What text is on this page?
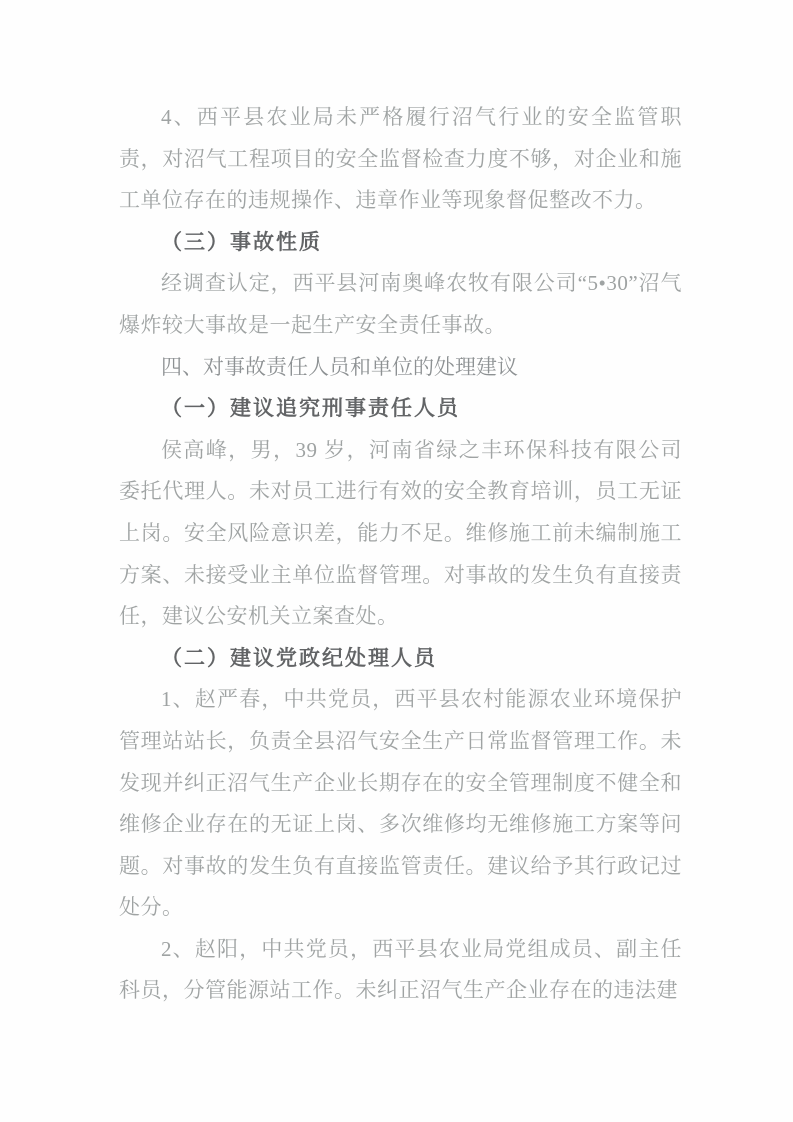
4、西平县农业局未严格履行沼气行业的安全监管职责，对沼气工程项目的安全监督检查力度不够，对企业和施工单位存在的违规操作、违章作业等现象督促整改不力。

（三）事故性质

经调查认定，西平县河南奥峰农牧有限公司“5•30”沼气爆炸较大事故是一起生产安全责任事故。

四、对事故责任人员和单位的处理建议

（一）建议追究刑事责任人员

侯高峰，男，39 岁，河南省绿之丰环保科技有限公司委托代理人。未对员工进行有效的安全教育培训，员工无证上岗。安全风险意识差，能力不足。维修施工前未编制施工方案、未接受业主单位监督管理。对事故的发生负有直接责任，建议公安机关立案查处。

（二）建议党政纪处理人员

1、赵严春，中共党员，西平县农村能源农业环境保护管理站站长，负责全县沼气安全生产日常监督管理工作。未发现并纠正沼气生产企业长期存在的安全管理制度不健全和维修企业存在的无证上岗、多次维修均无维修施工方案等问题。对事故的发生负有直接监管责任。建议给予其行政记过处分。

2、赵阳，中共党员，西平县农业局党组成员、副主任科员，分管能源站工作。未纠正沼气生产企业存在的违法建
